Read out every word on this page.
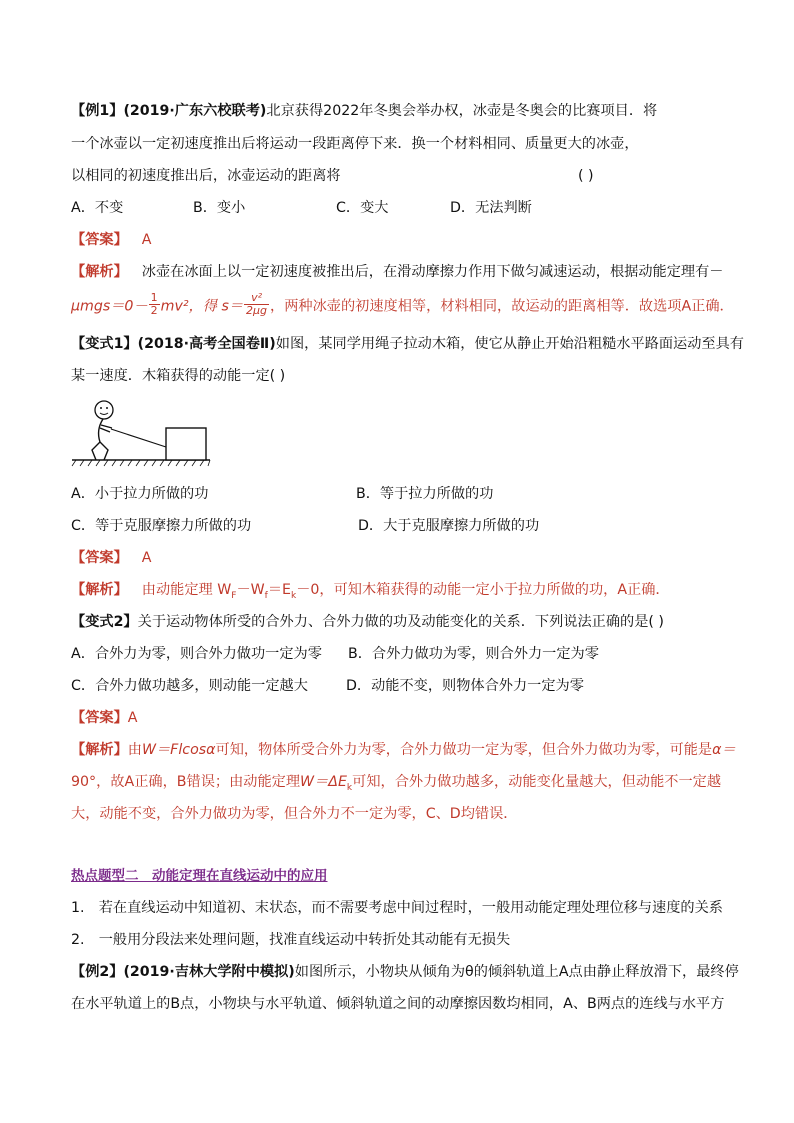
【例1】(2019·广东六校联考)北京获得2022年冬奥会举办权，冰壶是冬奥会的比赛项目．将
一个冰壶以一定初速度推出后将运动一段距离停下来．换一个材料相同、质量更大的冰壶，
以相同的初速度推出后，冰壶运动的距离将	( )
A．不变	B．变小	C．变大	D．无法判断
【答案】 A
【解析】 冰壶在冰面上以一定初速度被推出后，在滑动摩擦力作用下做匀减速运动，根据动能定理有－
$\mu mgs=0- \frac{1}{2} mv^2$，得 $s= \frac{\text{v²}}{2\mu g}$ ，两种冰壶的初速度相等，材料相同，故运动的距离相等．故选项A正确．
【变式1】(2018·高考全国卷Ⅱ)如图，某同学用绳子拉动木箱，使它从静止开始沿粗糙水平路面运动至具有
某一速度．木箱获得的动能一定( )
A．小于拉力所做的功	B．等于拉力所做的功
C．等于克服摩擦力所做的功	D．大于克服摩擦力所做的功
【答案】 A
【解析】 由动能定理 $W_F-W_f=E_k-0$，可知木箱获得的动能一定小于拉力所做的功，A正确．
【变式2】关于运动物体所受的合外力、合外力做的功及动能变化的关系．下列说法正确的是( )
A．合外力为零，则合外力做功一定为零 B．合外力做功为零，则合外力一定为零
C．合外力做功越多，则动能一定越大	D．动能不变，则物体合外力一定为零
【答案】A
【解析】由W＝Flcosα可知，物体所受合外力为零，合外力做功一定为零，但合外力做功为零，可能是α＝
90°，故A正确，B错误；由动能定理$W=\Delta E_k$可知，合外力做功越多，动能变化量越大，但动能不一定越
大，动能不变，合外力做功为零，但合外力不一定为零，C、D均错误．
热点题型二　动能定理在直线运动中的应用
1.　若在直线运动中知道初、末状态，而不需要考虑中间过程时，一般用动能定理处理位移与速度的关系
2.　一般用分段法来处理问题，找准直线运动中转折处其动能有无损失
【例2】(2019·吉林大学附中模拟)如图所示，小物块从倾角为θ的倾斜轨道上A点由静止释放滑下，最终停
在水平轨道上的B点，小物块与水平轨道、倾斜轨道之间的动摩擦因数均相同，A、B两点的连线与水平方
